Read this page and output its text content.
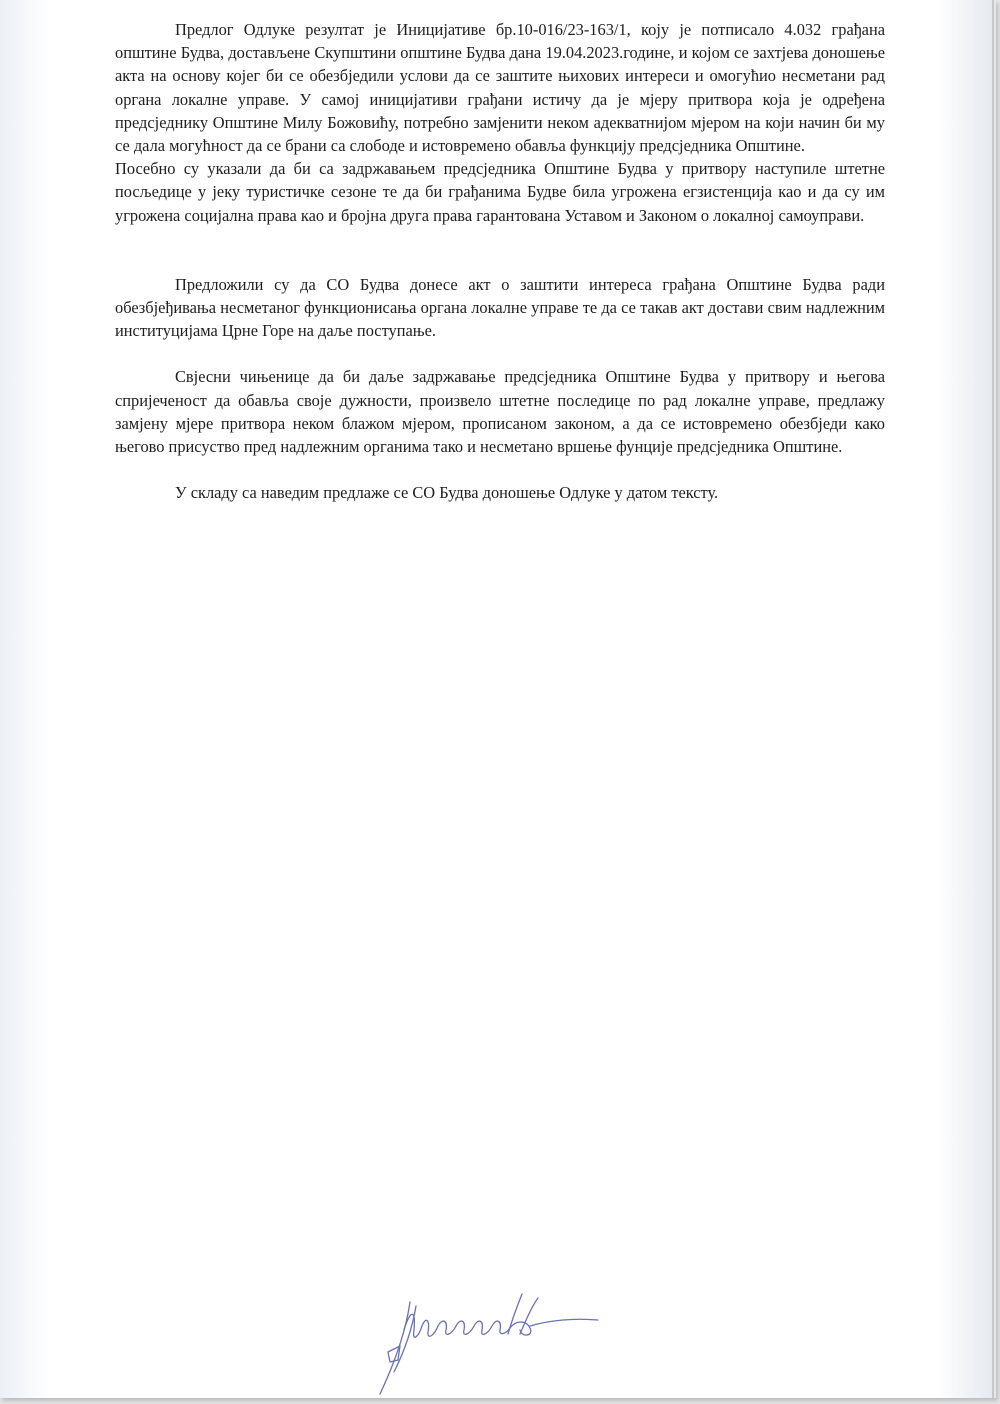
Предлог Одлуке резултат је Иницијативе бр.10-016/23-163/1, коју је потписало 4.032 грађана општине Будва, достављене Скупштини општине Будва дана 19.04.2023.године, и којом се захтјева доношење акта на основу којег би се обезбједили услови да се заштите њихових интереси и омогућио несметани рад органа локалне управе. У самој иницијативи грађани истичу да је мјеру притвора која је одређена предсједнику Општине Милу Божовићу, потребно замјенити неком адекватнијом мјером на који начин би му се дала могућност да се брани са слободе и истовремено обавља функцију предсједника Општине.

Посебно су указали да би са задржавањем предсједника Општине Будва у притвору наступиле штетне посљедице у јеку туристичке сезоне те да би грађанима Будве била угрожена егзистенција као и да су им угрожена социјална права као и бројна друга права гарантована Уставом и Законом о локалној самоуправи.

Предложили су да СО Будва донесе акт о заштити интереса грађана Општине Будва ради обезбјеђивања несметаног функционисања органа локалне управе те да се такав акт достави свим надлежним институцијама Црне Горе на даље поступање.

Свјесни чињенице да би даље задржавање предсједника Општине Будва у притвору и његова спријеченост да обавља своје дужности, произвело штетне последице по рад локалне управе, предлажу замјену мјере притвора неком блажом мјером, прописаном законом, а да се истовремено обезбједи како његово присуство пред надлежним органима тако и несметано вршење фунције предсједника Општине.

У складу са наведим предлаже се СО Будва доношење Одлуке у датом тексту.
